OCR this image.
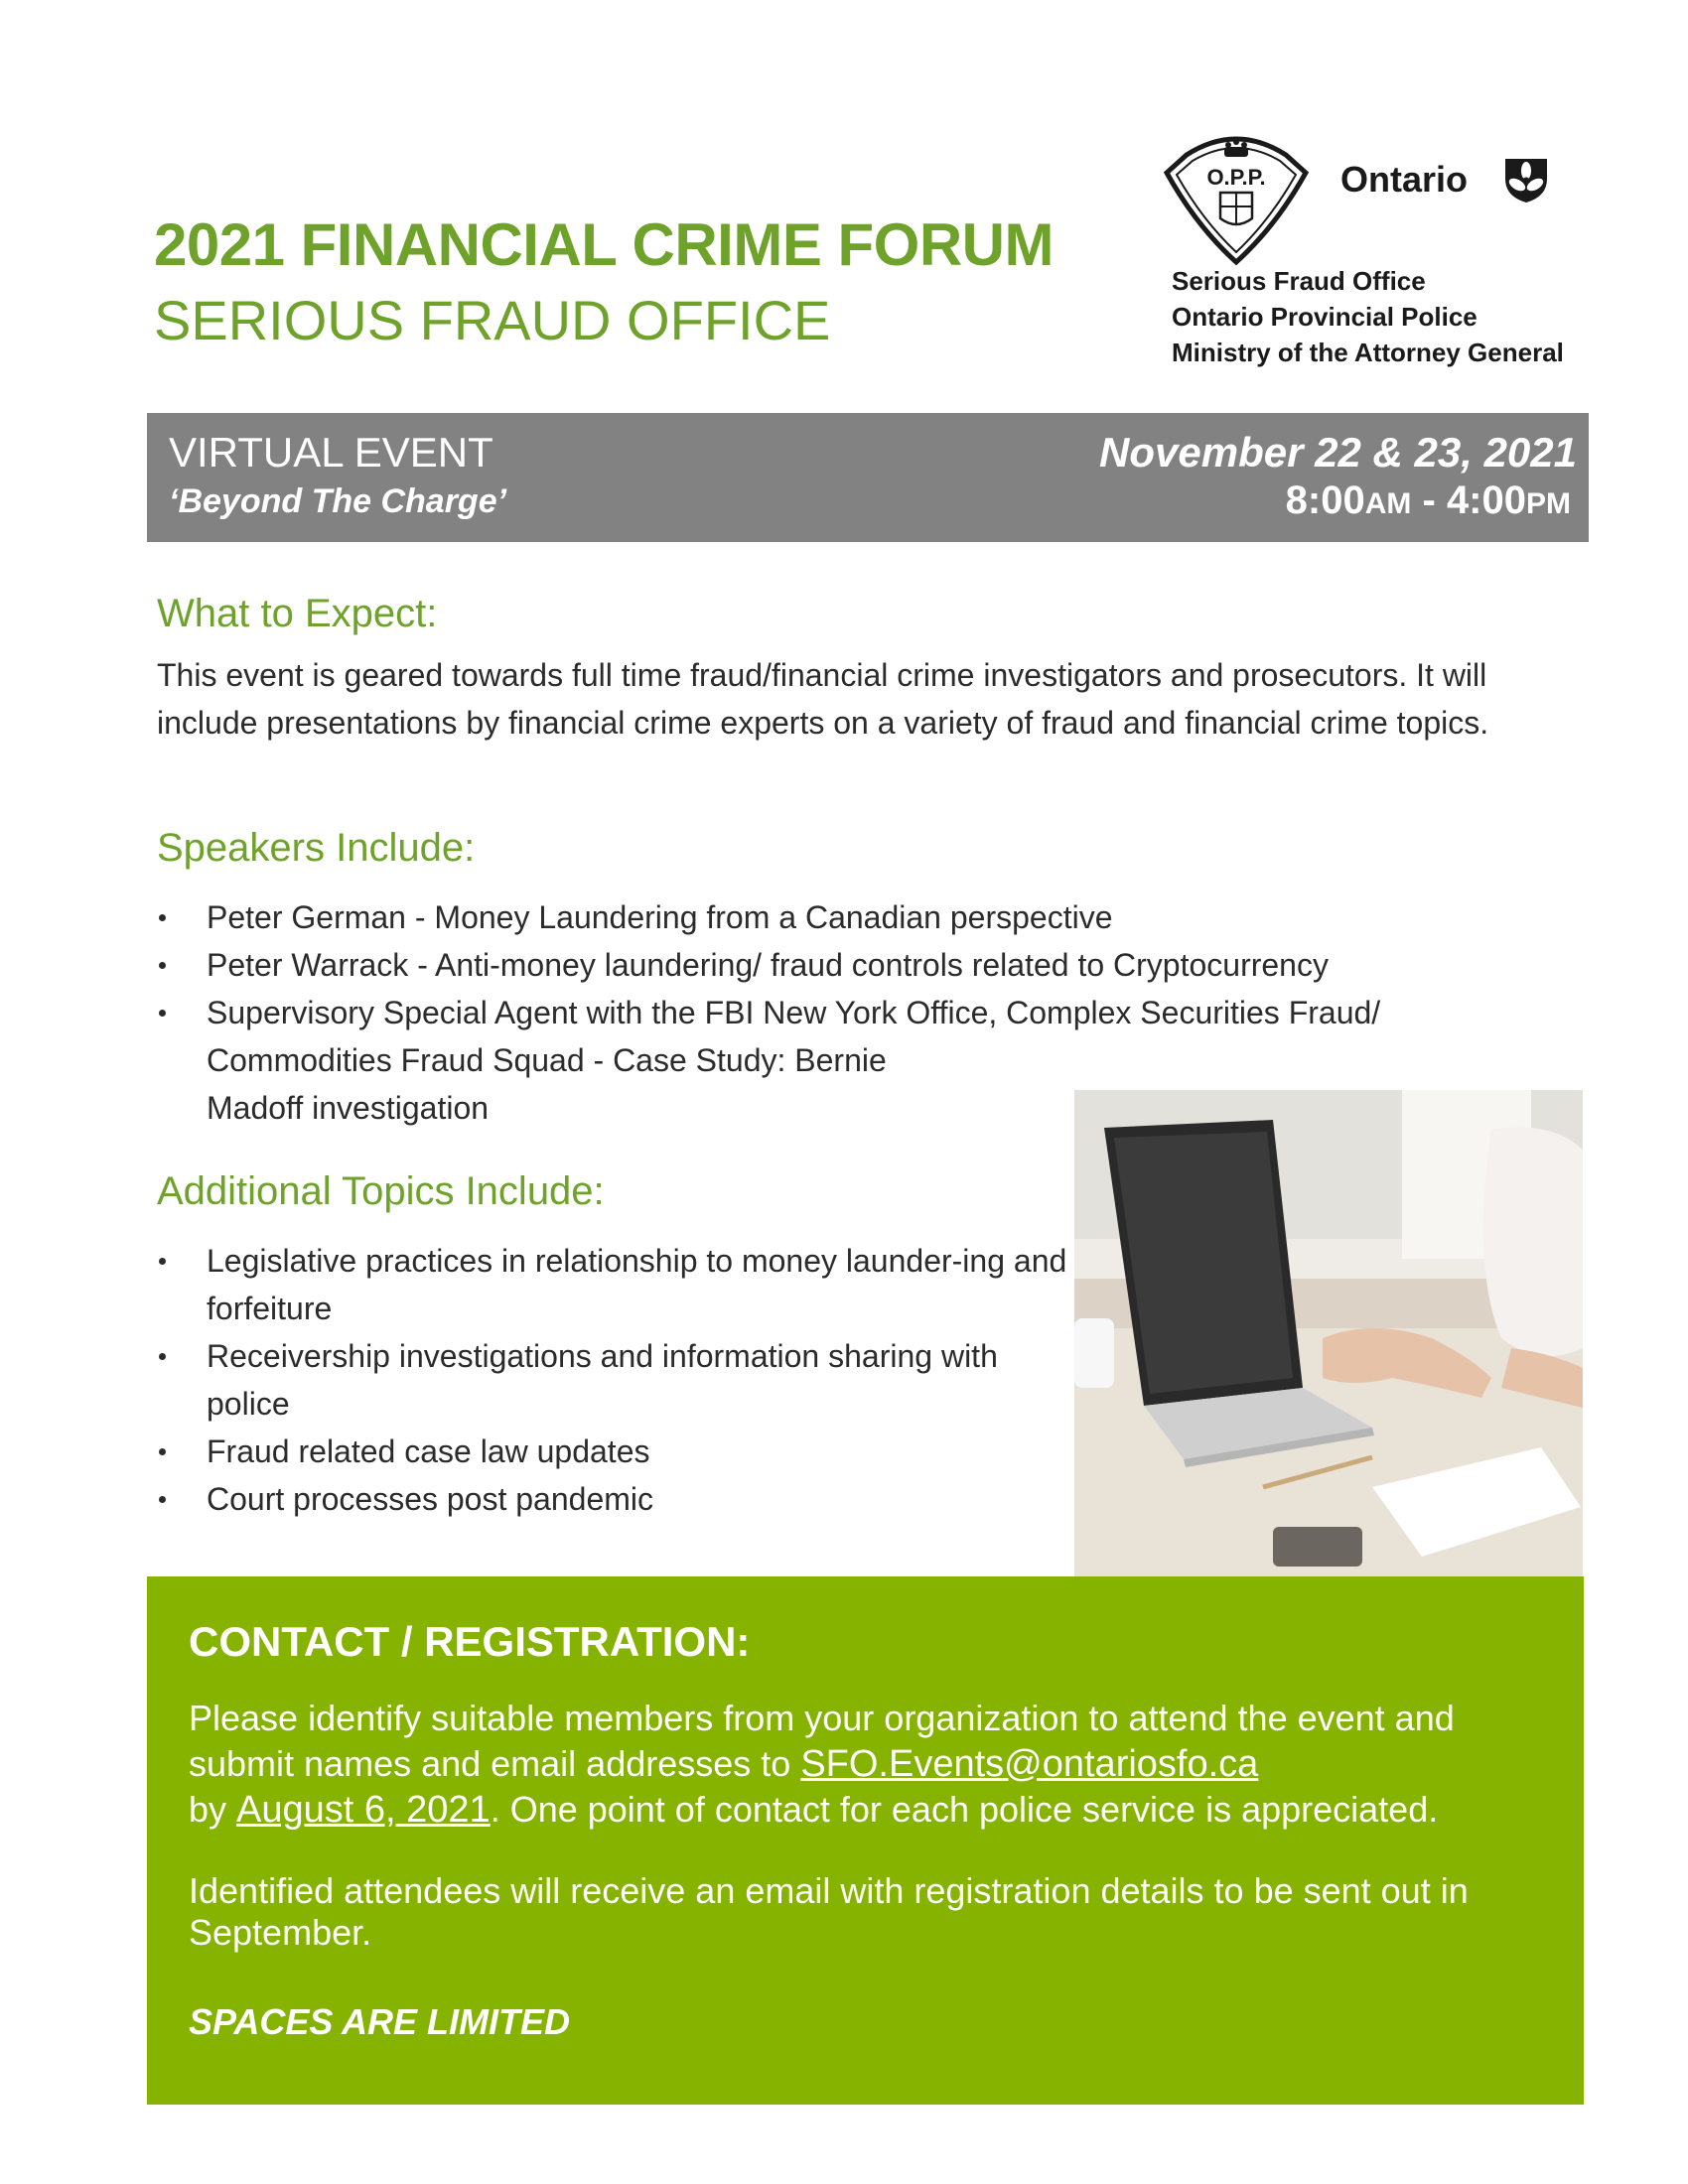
2021 FINANCIAL CRIME FORUM
SERIOUS FRAUD OFFICE
O.P.P. Ontario
Serious Fraud Office
Ontario Provincial Police
Ministry of the Attorney General
VIRTUAL EVENT
‘Beyond The Charge’
November 22 & 23, 2021
8:00AM - 4:00PM
What to Expect:
This event is geared towards full time fraud/financial crime investigators and prosecutors. It will include presentations by financial crime experts on a variety of fraud and financial crime topics.
Speakers Include:
Peter German - Money Laundering from a Canadian perspective
Peter Warrack - Anti-money laundering/ fraud controls related to Cryptocurrency
Supervisory Special Agent with the FBI New York Office, Complex Securities Fraud/
Commodities Fraud Squad - Case Study: Bernie
Madoff investigation
Additional Topics Include:
Legislative practices in relationship to money launder-ing and forfeiture
Receivership investigations and information sharing with police
Fraud related case law updates
Court processes post pandemic
CONTACT / REGISTRATION:
Please identify suitable members from your organization to attend the event and submit names and email addresses to SFO.Events@ontariosfo.ca
by August 6, 2021. One point of contact for each police service is appreciated.
Identified attendees will receive an email with registration details to be sent out in September.
SPACES ARE LIMITED
